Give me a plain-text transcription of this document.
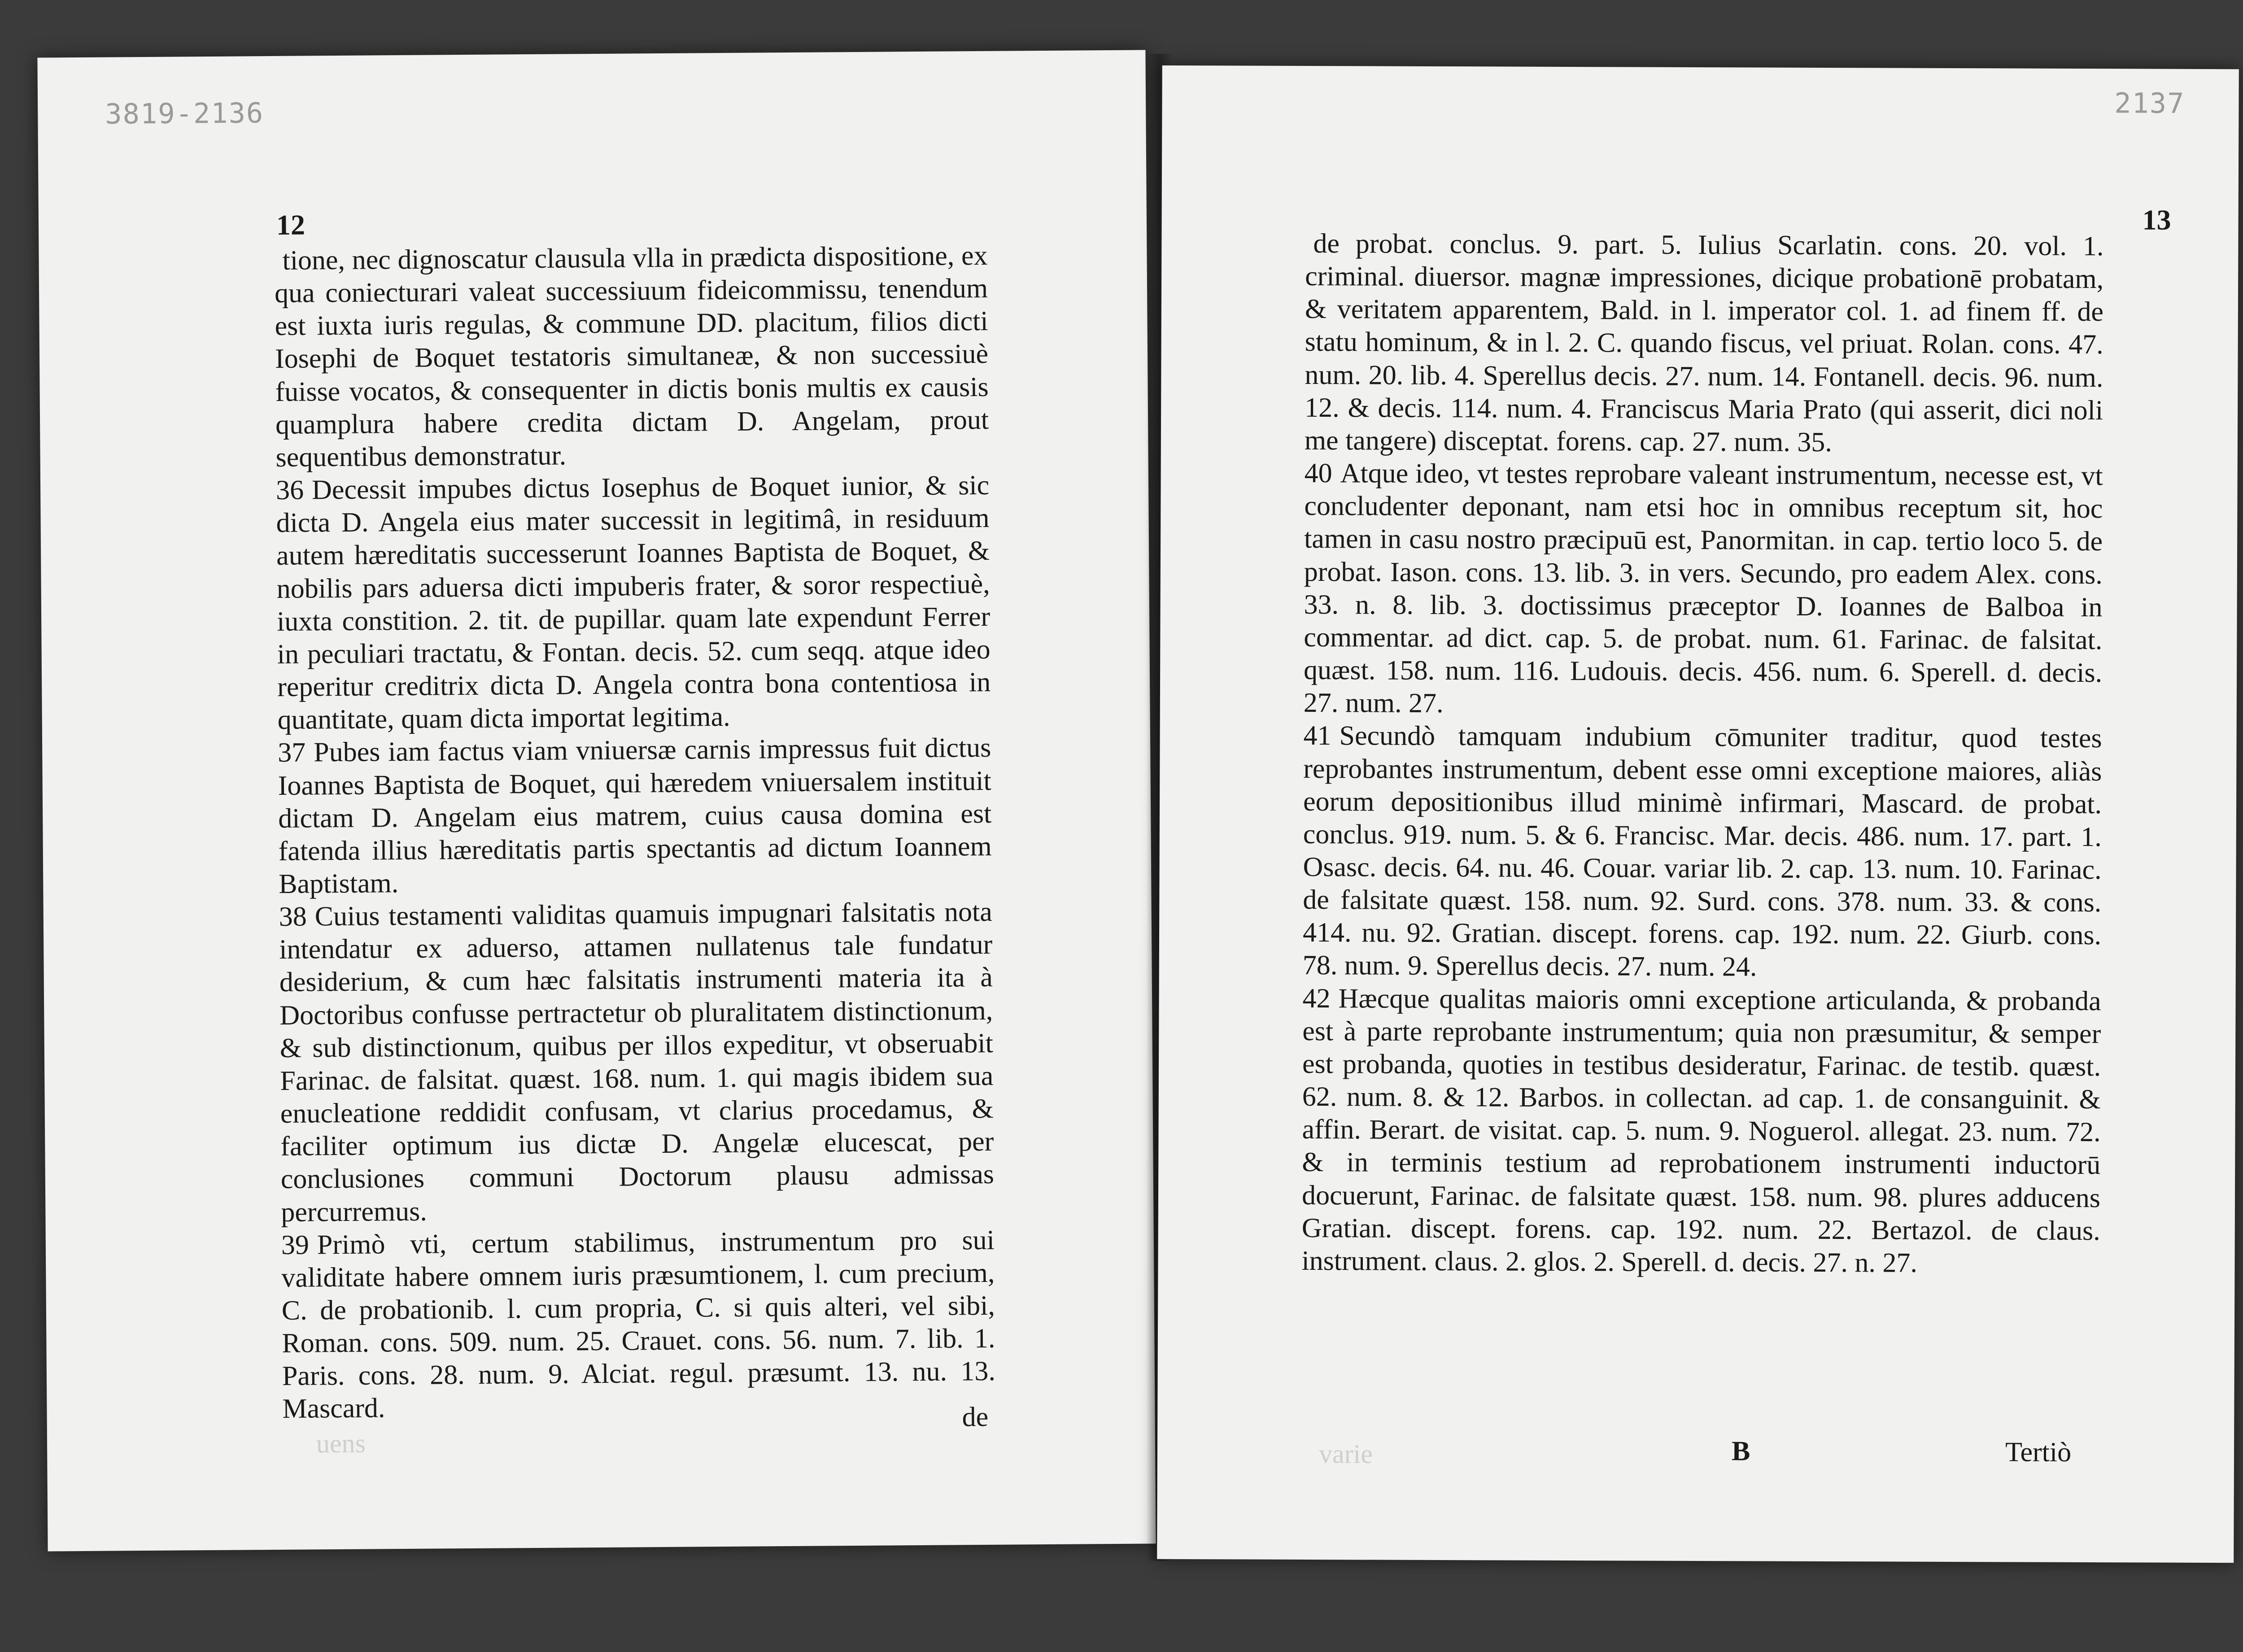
3819-2136
12

tione, nec dignoscatur clausula vlla in prædicta dispositione, ex qua coniecturari valeat successiuum fideicommissu, tenendum est iuxta iuris regulas, & commune DD. placitum, filios dicti Iosephi de Boquet testatoris simultaneæ, & non successiuè fuisse vocatos, & consequenter in dictis bonis multis ex causis quamplura habere credita dictam D. Angelam, prout sequentibus demonstratur.

36 Decessit impubes dictus Iosephus de Boquet iunior, & sic dicta D. Angela eius mater successit in legitimâ, in residuum autem hæreditatis successerunt Ioannes Baptista de Boquet, & nobilis pars aduersa dicti impuberis frater, & soror respectiuè, iuxta constition. 2. tit. de pupillar. quam late expendunt Ferrer in peculiari tractatu, & Fontan. decis. 52. cum seqq. atque ideo reperitur creditrix dicta D. Angela contra bona contentiosa in quantitate, quam dicta importat legitima.

37 Pubes iam factus viam vniuersæ carnis impressus fuit dictus Ioannes Baptista de Boquet, qui hæredem vniuersalem instituit dictam D. Angelam eius matrem, cuius causa domina est fatenda illius hæreditatis partis spectantis ad dictum Ioannem Baptistam.

38 Cuius testamenti validitas quamuis impugnari falsitatis nota intendatur ex aduerso, attamen nullatenus tale fundatur desiderium, & cum hæc falsitatis instrumenti materia ita à Doctoribus confusse pertractetur ob pluralitatem distinctionum, & sub distinctionum, quibus per illos expeditur, vt obseruabit Farinac. de falsitat. quæst. 168. num. 1. qui magis ibidem sua enucleatione reddidit confusam, vt clarius procedamus, & faciliter optimum ius dictæ D. Angelæ elucescat, per conclusiones communi Doctorum plausu admissas percurremus.

39 Primò vti, certum stabilimus, instrumentum pro sui validitate habere omnem iuris præsumtionem, l. cum precium, C. de probationib. l. cum propria, C. si quis alteri, vel sibi, Roman. cons. 509. num. 25. Crauet. cons. 56. num. 7. lib. 1. Paris. cons. 28. num. 9. Alciat. regul. præsumt. 13. nu. 13. Mascard.	de
uens
2137
13

de probat. conclus. 9. part. 5. Iulius Scarlatin. cons. 20. vol. 1. criminal. diuersor. magnæ impressiones, dicique probationē probatam, & veritatem apparentem, Bald. in l. imperator col. 1. ad finem ff. de statu hominum, & in l. 2. C. quando fiscus, vel priuat. Rolan. cons. 47. num. 20. lib. 4. Sperellus decis. 27. num. 14. Fontanell. decis. 96. num. 12. & decis. 114. num. 4. Franciscus Maria Prato (qui asserit, dici noli me tangere) disceptat. forens. cap. 27. num. 35.

40 Atque ideo, vt testes reprobare valeant instrumentum, necesse est, vt concludenter deponant, nam etsi hoc in omnibus receptum sit, hoc tamen in casu nostro præcipuū est, Panormitan. in cap. tertio loco 5. de probat. Iason. cons. 13. lib. 3. in vers. Secundo, pro eadem Alex. cons. 33. n. 8. lib. 3. doctissimus præceptor D. Ioannes de Balboa in commentar. ad dict. cap. 5. de probat. num. 61. Farinac. de falsitat. quæst. 158. num. 116. Ludouis. decis. 456. num. 6. Sperell. d. decis. 27. num. 27.

41 Secundò tamquam indubium cōmuniter traditur, quod testes reprobantes instrumentum, debent esse omni exceptione maiores, aliàs eorum depositionibus illud minimè infirmari, Mascard. de probat. conclus. 919. num. 5. & 6. Francisc. Mar. decis. 486. num. 17. part. 1. Osasc. decis. 64. nu. 46. Couar. variar lib. 2. cap. 13. num. 10. Farinac. de falsitate quæst. 158. num. 92. Surd. cons. 378. num. 33. & cons. 414. nu. 92. Gratian. discept. forens. cap. 192. num. 22. Giurb. cons. 78. num. 9. Sperellus decis. 27. num. 24.

42 Hæcque qualitas maioris omni exceptione articulanda, & probanda est à parte reprobante instrumentum; quia non præsumitur, & semper est probanda, quoties in testibus desideratur, Farinac. de testib. quæst. 62. num. 8. & 12. Barbos. in collectan. ad cap. 1. de consanguinit. & affin. Berart. de visitat. cap. 5. num. 9. Noguerol. allegat. 23. num. 72. & in terminis testium ad reprobationem instrumenti inductorū docuerunt, Farinac. de falsitate quæst. 158. num. 98. plures adducens Gratian. discept. forens. cap. 192. num. 22. Bertazol. de claus. instrument. claus. 2. glos. 2. Sperell. d. decis. 27. n. 27.

B	Tertiò
varie
